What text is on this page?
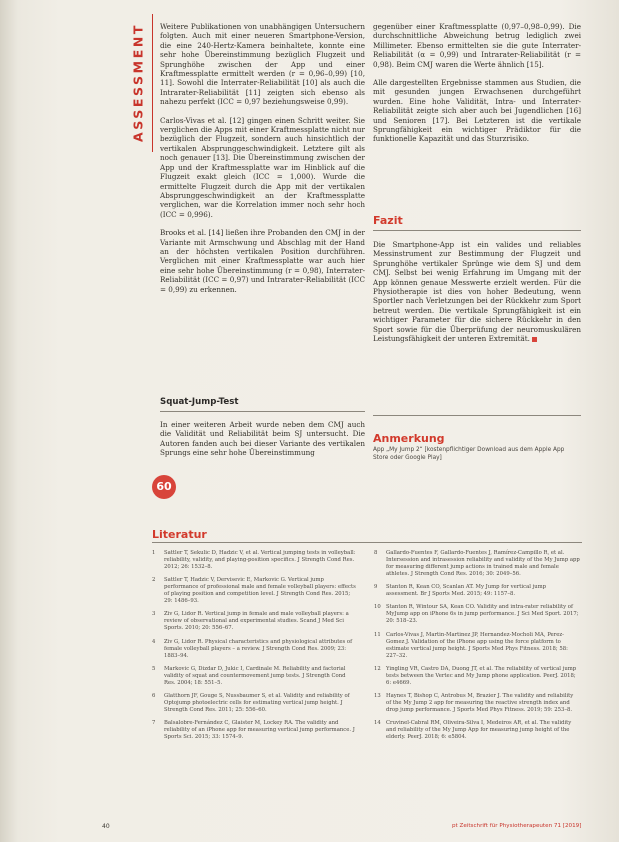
ASSESSMENT Weitere Publikationen von unabhängigen Untersuchern folgten. Auch mit einer neueren Smartphone-Version, die eine 240-Hertz-Kamera beinhaltete, konnte eine sehr hohe Übereinstimmung bezüglich Flugzeit und Sprunghöhe zwischen der App und einer Kraftmessplatte ermittelt werden (r = 0,96–0,99) [10, 11]. Sowohl die Interrater-Reliabilität [10] als auch die Intrarater-Reliabilität [11] zeigten sich ebenso als nahezu perfekt (ICC = 0,97 beziehungsweise 0,99).

Carlos-Vivas et al. [12] gingen einen Schritt weiter. Sie verglichen die Apps mit einer Kraftmessplatte nicht nur bezüglich der Flugzeit, sondern auch hinsichtlich der vertikalen Absprunggeschwindigkeit. Letztere gilt als noch genauer [13]. Die Übereinstimmung zwischen der App und der Kraftmessplatte war im Hinblick auf die Flugzeit exakt gleich (ICC = 1,000). Wurde die ermittelte Flugzeit durch die App mit der vertikalen Absprunggeschwindigkeit an der Kraftmessplatte verglichen, war die Korrelation immer noch sehr hoch (ICC = 0,996).

Brooks et al. [14] ließen ihre Probanden den CMJ in der Variante mit Armschwung und Abschlag mit der Hand an der höchsten vertikalen Position durchführen. Verglichen mit einer Kraftmessplatte war auch hier eine sehr hohe Übereinstimmung (r = 0,98), Interrater-Reliabilität (ICC = 0,97) und Intrarater-Reliabilität (ICC = 0,99) zu erkennen.

Squat-Jump-Test
In einer weiteren Arbeit wurde neben dem CMJ auch die Validität und Reliabilität beim SJ untersucht. Die Autoren fanden auch bei dieser Variante des vertikalen Sprungs eine sehr hohe Übereinstimmung

gegenüber einer Kraftmessplatte (0,97–0,98–0,99). Die durchschnittliche Abweichung betrug lediglich zwei Millimeter. Ebenso ermittelten sie die gute Interrater-Reliabilität (α = 0,99) und Intrarater-Reliabilität (r = 0,98). Beim CMJ waren die Werte ähnlich [15].

Alle dargestellten Ergebnisse stammen aus Studien, die mit gesunden jungen Erwachsenen durchgeführt wurden. Eine hohe Validität, Intra- und Interrater-Reliabilität zeigte sich aber auch bei Jugendlichen [16] und Senioren [17]. Bei Letzteren ist die vertikale Sprungfähigkeit ein wichtiger Prädiktor für die funktionelle Kapazität und das Sturzrisiko.

Fazit
Die Smartphone-App ist ein valides und reliables Messinstrument zur Bestimmung der Flugzeit und Sprunghöhe vertikaler Sprünge wie dem SJ und dem CMJ. Selbst bei wenig Erfahrung im Umgang mit der App können genaue Messwerte erzielt werden. Für die Physiotherapie ist dies von hoher Bedeutung, wenn Sportler nach Verletzungen bei der Rückkehr zum Sport betreut werden. Die vertikale Sprungfähigkeit ist ein wichtiger Parameter für die sichere Rückkehr in den Sport sowie für die Überprüfung der neuromuskulären Leistungsfähigkeit der unteren Extremität.
Anmerkung
App „My Jump 2“ [kostenpflichtiger Download aus dem Apple App Store oder Google Play]
60
Literatur
1 Sattler T, Sekulic D, Hadzic V, et al. Vertical jumping tests in volleyball: reliability, validity, and playing-position specifics. J Strength Cond Res. 2012; 26: 1532–8.
2 Sattler T, Hadzic V, Dervisevic E, Markovic G. Vertical jump performance of professional male and female volleyball players: effects of playing position and competition level. J Strength Cond Res. 2015; 29: 1486–93.
3 Ziv G, Lidor R. Vertical jump in female and male volleyball players: a review of observational and experimental studies. Scand J Med Sci Sports. 2010; 20: 556–67.
4 Ziv G, Lidor R. Physical characteristics and physiological attributes of female volleyball players – a review. J Strength Cond Res. 2009; 23: 1883–94.
5 Markovic G, Dizdar D, Jukic I, Cardinale M. Reliability and factorial validity of squat and countermovement jump tests. J Strength Cond Res. 2004; 18: 551–5.
6 Glatthorn JF, Gouge S, Nussbaumer S, et al. Validity and reliability of Optojump photoelectric cells for estimating vertical jump height. J Strength Cond Res. 2011; 25: 556–60.
7 Balsalobre-Fernández C, Glaister M, Lockey RA. The validity and reliability of an iPhone app for measuring vertical jump performance. J Sports Sci. 2015; 33: 1574–9.
8 Gallardo-Fuentes F, Gallardo-Fuentes J, Ramírez-Campillo R, et al. Intersession and intrasession reliability and validity of the My Jump app for measuring different jump actions in trained male and female athletes. J Strength Cond Res. 2016; 30: 2049–56.
9 Stanton R, Kean CO, Scanlan AT. My Jump for vertical jump assessment. Br J Sports Med. 2015; 49: 1157–8.
10 Stanton R, Wintour SA, Kean CO. Validity and intra-rater reliability of MyJump app on iPhone 6s in jump performance. J Sci Med Sport. 2017; 20: 518–23.
11 Carlos-Vivas J, Martin-Martinez JP, Hernandez-Mocholi MA, Perez-Gomez J. Validation of the iPhone app using the force platform to estimate vertical jump height. J Sports Med Phys Fitness. 2018; 58: 227–32.
12 Yingling VR, Castro DA, Duong JT, et al. The reliability of vertical jump tests between the Vertec and My Jump phone application. PeerJ. 2018; 6: e4669.
13 Haynes T, Bishop C, Antrobus M, Brazier J. The validity and reliability of the My Jump 2 app for measuring the reactive strength index and drop jump performance. J Sports Med Phys Fitness. 2019; 59: 253–8.
14 Cruvinel-Cabral RM, Oliveira-Silva I, Medeiros AR, et al. The validity and reliability of the My Jump App for measuring jump height of the elderly. PeerJ. 2018; 6: e5804.
40	pt Zeitschrift für Physiotherapeuten 71 [2019]
